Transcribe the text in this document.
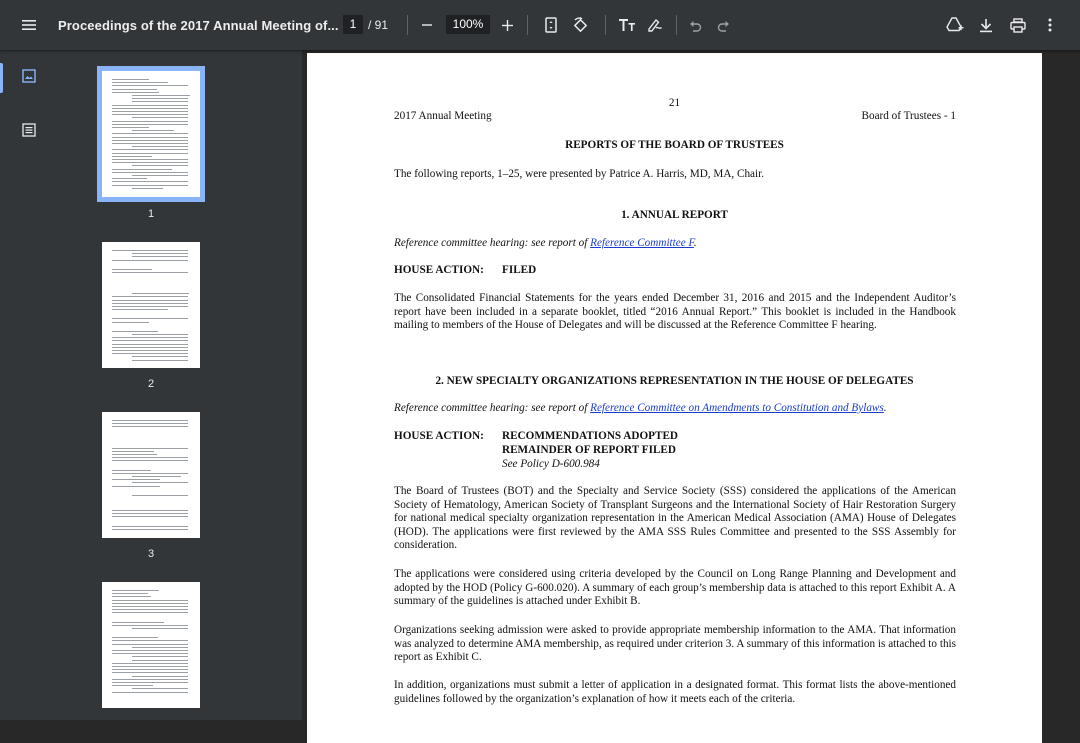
Proceedings of the 2017 Annual Meeting of... 1 / 91	100%
1
2
3
21
2017 Annual Meeting	Board of Trustees - 1
REPORTS OF THE BOARD OF TRUSTEES
The following reports, 1–25, were presented by Patrice A. Harris, MD, MA, Chair.
1. ANNUAL REPORT
Reference committee hearing: see report of Reference Committee F.
HOUSE ACTION: FILED

The Consolidated Financial Statements for the years ended December 31, 2016 and 2015 and the Independent Auditor’s report have been included in a separate booklet, titled “2016 Annual Report.” This booklet is included in the Handbook mailing to members of the House of Delegates and will be discussed at the Reference Committee F hearing.

2. NEW SPECIALTY ORGANIZATIONS REPRESENTATION IN THE HOUSE OF DELEGATES
Reference committee hearing: see report of Reference Committee on Amendments to Constitution and Bylaws.
HOUSE ACTION: RECOMMENDATIONS ADOPTED
REMAINDER OF REPORT FILED
See Policy D-600.984

The Board of Trustees (BOT) and the Specialty and Service Society (SSS) considered the applications of the American Society of Hematology, American Society of Transplant Surgeons and the International Society of Hair Restoration Surgery for national medical specialty organization representation in the American Medical Association (AMA) House of Delegates (HOD). The applications were first reviewed by the AMA SSS Rules Committee and presented to the SSS Assembly for consideration.

The applications were considered using criteria developed by the Council on Long Range Planning and Development and adopted by the HOD (Policy G-600.020). A summary of each group’s membership data is attached to this report Exhibit A. A summary of the guidelines is attached under Exhibit B.

Organizations seeking admission were asked to provide appropriate membership information to the AMA. That information was analyzed to determine AMA membership, as required under criterion 3. A summary of this information is attached to this report as Exhibit C.

In addition, organizations must submit a letter of application in a designated format. This format lists the above-mentioned guidelines followed by the organization’s explanation of how it meets each of the criteria.
